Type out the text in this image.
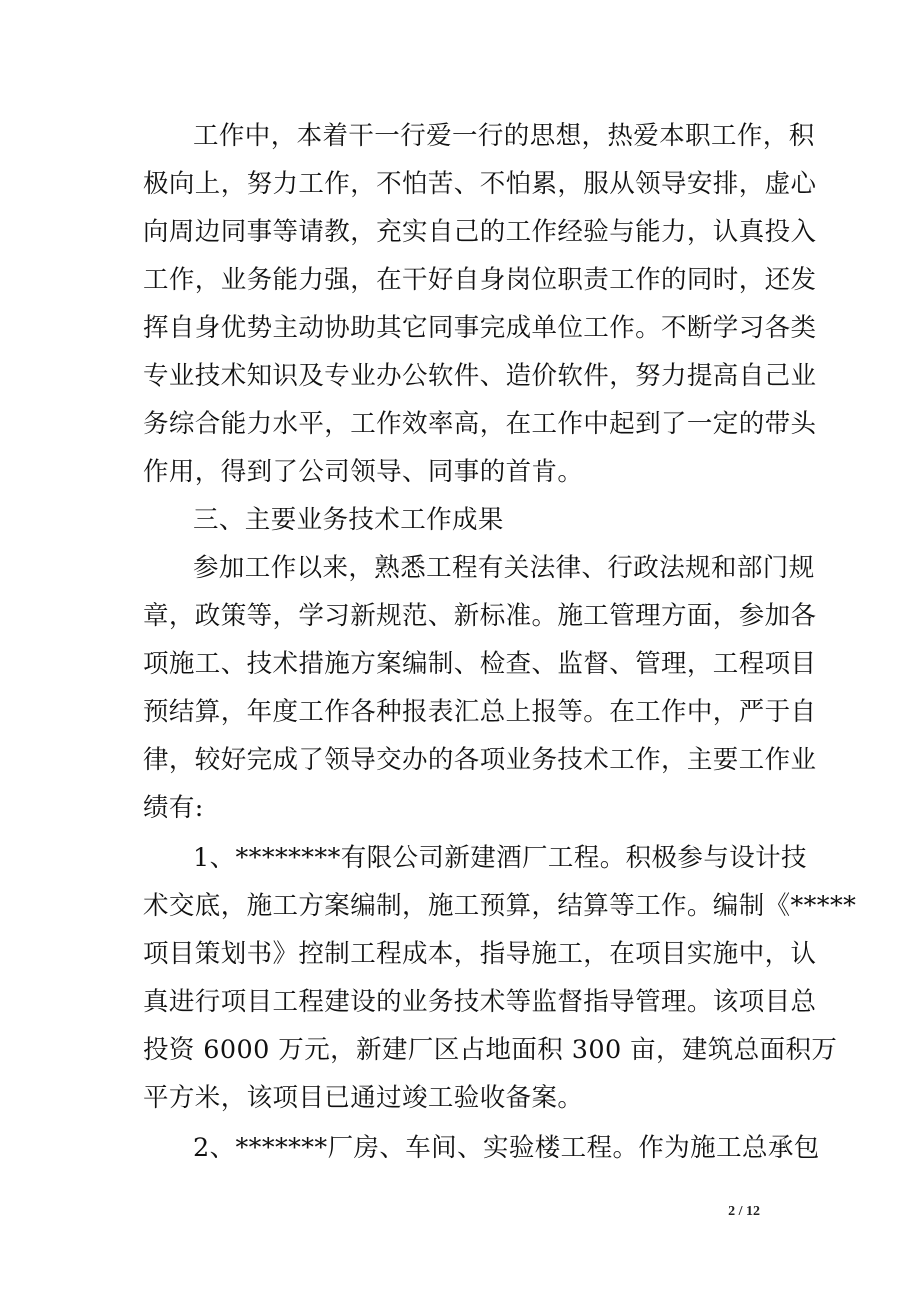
工作中，本着干一行爱一行的思想，热爱本职工作，积
极向上，努力工作，不怕苦、不怕累，服从领导安排，虚心
向周边同事等请教，充实自己的工作经验与能力，认真投入
工作，业务能力强，在干好自身岗位职责工作的同时，还发
挥自身优势主动协助其它同事完成单位工作。不断学习各类
专业技术知识及专业办公软件、造价软件，努力提高自己业
务综合能力水平，工作效率高，在工作中起到了一定的带头
作用，得到了公司领导、同事的首肯。
三、主要业务技术工作成果
参加工作以来，熟悉工程有关法律、行政法规和部门规
章，政策等，学习新规范、新标准。施工管理方面，参加各
项施工、技术措施方案编制、检查、监督、管理，工程项目
预结算，年度工作各种报表汇总上报等。在工作中，严于自
律，较好完成了领导交办的各项业务技术工作，主要工作业
绩有:
1、********有限公司新建酒厂工程。积极参与设计技
术交底，施工方案编制，施工预算，结算等工作。编制《*****
项目策划书》控制工程成本，指导施工，在项目实施中，认
真进行项目工程建设的业务技术等监督指导管理。该项目总
投资 6000 万元，新建厂区占地面积 300 亩，建筑总面积万
平方米，该项目已通过竣工验收备案。
2、*******厂房、车间、实验楼工程。作为施工总承包
2 / 12
